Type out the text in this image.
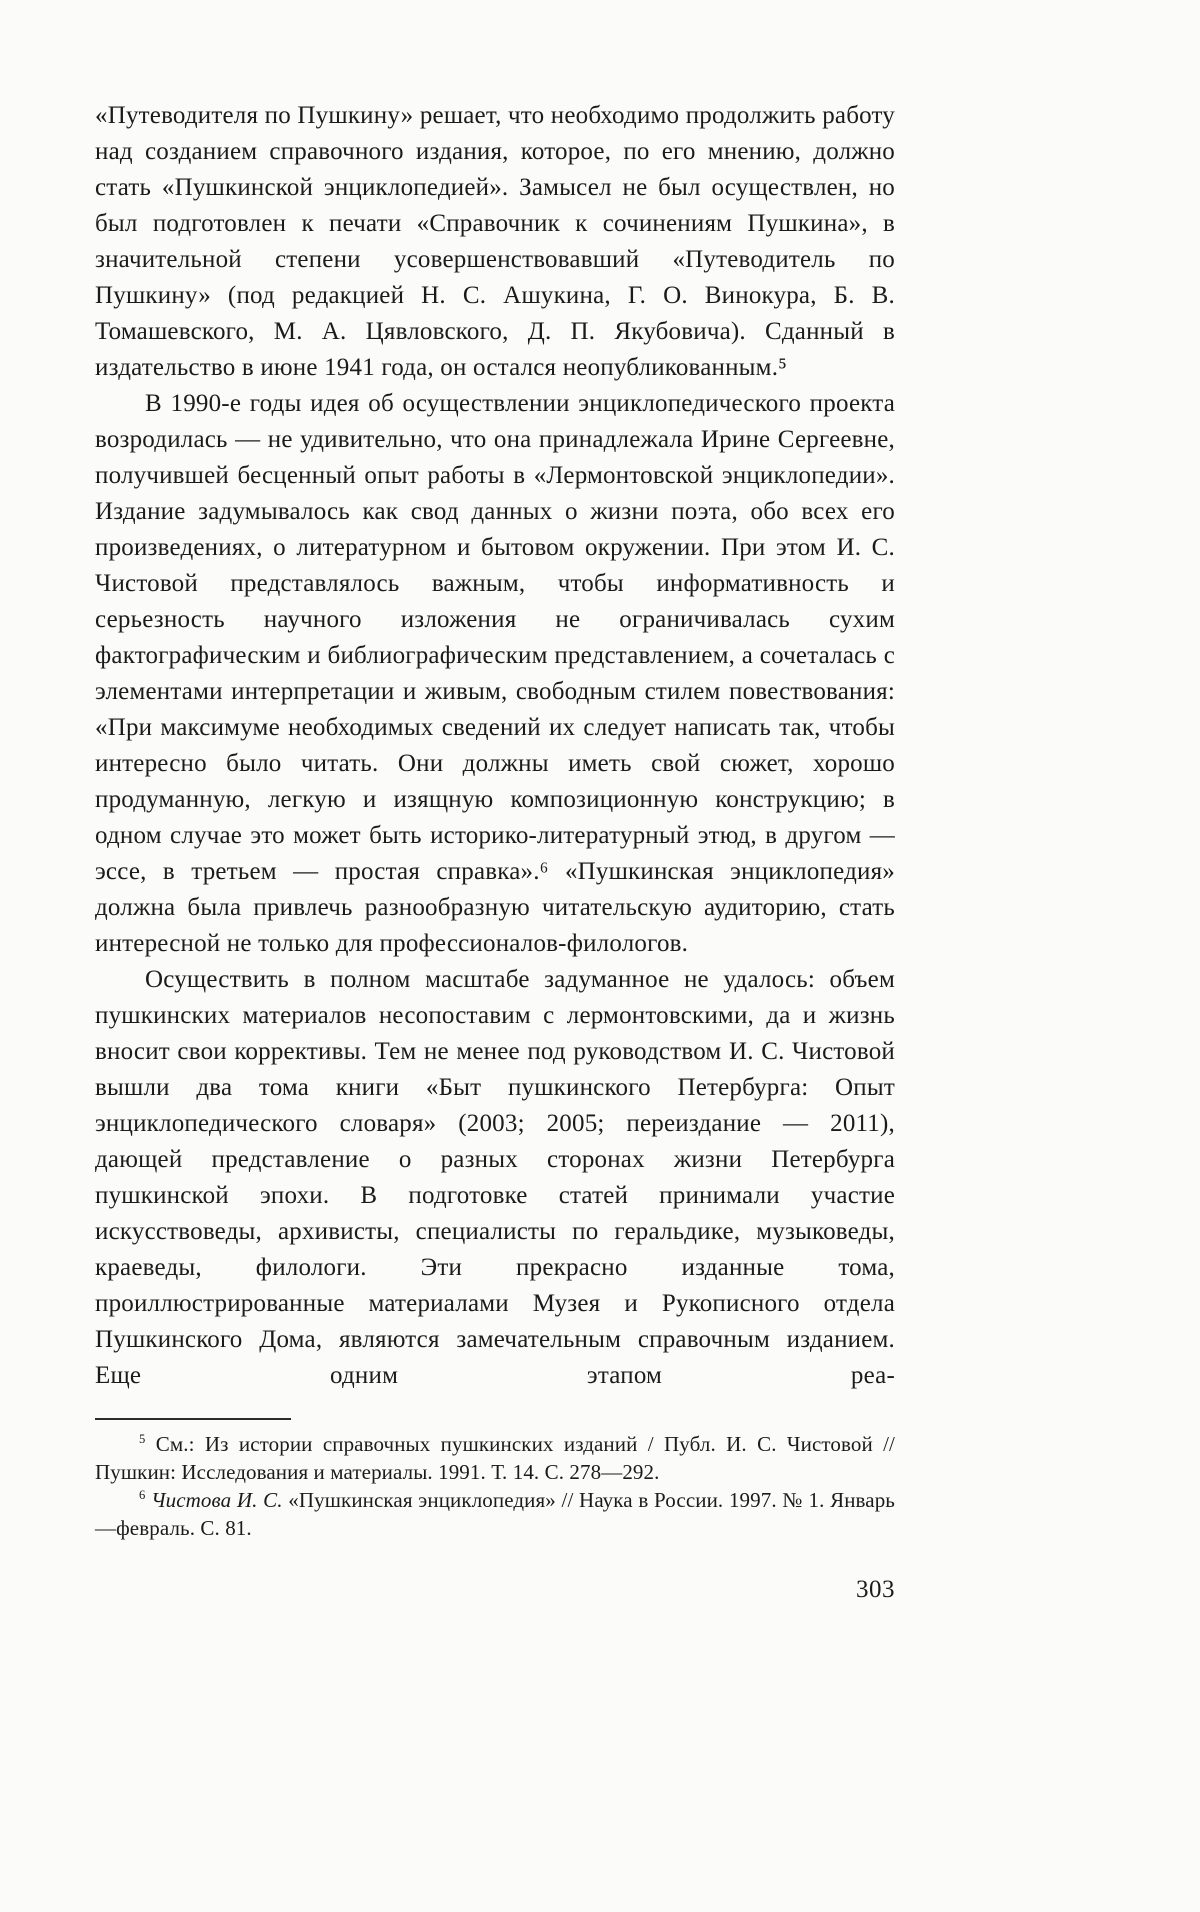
«Путеводителя по Пушкину» решает, что необходимо продолжить работу над созданием справочного издания, которое, по его мнению, должно стать «Пушкинской энциклопедией». Замысел не был осуществлен, но был подготовлен к печати «Справочник к сочинениям Пушкина», в значительной степени усовершенствовавший «Путеводитель по Пушкину» (под редакцией Н. С. Ашукина, Г. О. Винокура, Б. В. Томашевского, М. А. Цявловского, Д. П. Якубовича). Сданный в издательство в июне 1941 года, он остался неопубликованным.⁵

В 1990-е годы идея об осуществлении энциклопедического проекта возродилась — не удивительно, что она принадлежала Ирине Сергеевне, получившей бесценный опыт работы в «Лермонтовской энциклопедии». Издание задумывалось как свод данных о жизни поэта, обо всех его произведениях, о литературном и бытовом окружении. При этом И. С. Чистовой представлялось важным, чтобы информативность и серьезность научного изложения не ограничивалась сухим фактографическим и библиографическим представлением, а сочеталась с элементами интерпретации и живым, свободным стилем повествования: «При максимуме необходимых сведений их следует написать так, чтобы интересно было читать. Они должны иметь свой сюжет, хорошо продуманную, легкую и изящную композиционную конструкцию; в одном случае это может быть историко-литературный этюд, в другом — эссе, в третьем — простая справка».⁶ «Пушкинская энциклопедия» должна была привлечь разнообразную читательскую аудиторию, стать интересной не только для профессионалов-филологов.

Осуществить в полном масштабе задуманное не удалось: объем пушкинских материалов несопоставим с лермонтовскими, да и жизнь вносит свои коррективы. Тем не менее под руководством И. С. Чистовой вышли два тома книги «Быт пушкинского Петербурга: Опыт энциклопедического словаря» (2003; 2005; переиздание — 2011), дающей представление о разных сторонах жизни Петербурга пушкинской эпохи. В подготовке статей принимали участие искусствоведы, архивисты, специалисты по геральдике, музыковеды, краеведы, филологи. Эти прекрасно изданные тома, проиллюстрированные материалами Музея и Рукописного отдела Пушкинского Дома, являются замечательным справочным изданием. Еще одним этапом реа-

$^5$ См.: Из истории справочных пушкинских изданий / Публ. И. С. Чистовой // Пушкин: Исследования и материалы. 1991. Т. 14. С. 278—292.

$^6$ Чистова И. С. «Пушкинская энциклопедия» // Наука в России. 1997. № 1. Январь—февраль. С. 81.

303
